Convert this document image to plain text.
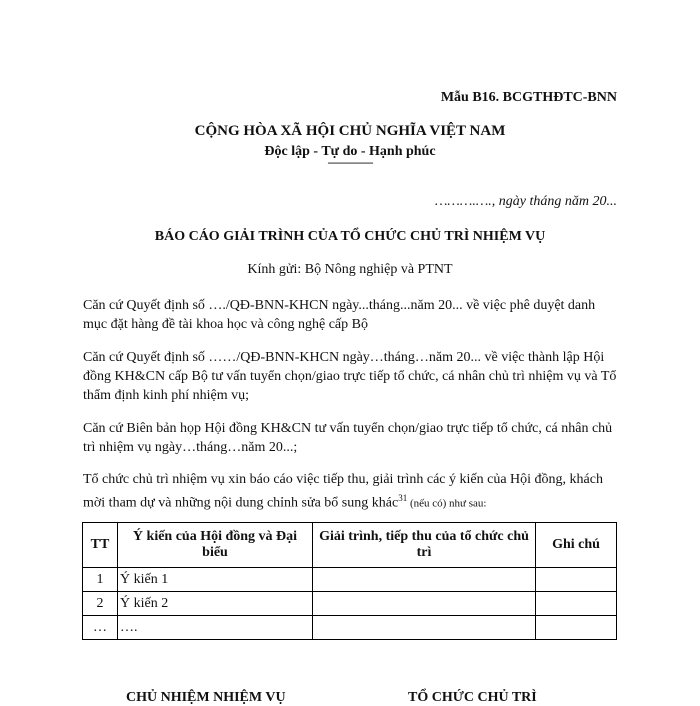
Mẫu B16. BCGTHĐTC-BNN
CỘNG HÒA XÃ HỘI CHỦ NGHĨA VIỆT NAM
Độc lập - Tự do - Hạnh phúc
---------------
……….…., ngày tháng năm 20...
BÁO CÁO GIẢI TRÌNH CỦA TỔ CHỨC CHỦ TRÌ NHIỆM VỤ
Kính gửi: Bộ Nông nghiệp và PTNT
Căn cứ Quyết định số …./QĐ-BNN-KHCN ngày...tháng...năm 20... về việc phê duyệt danh mục đặt hàng đề tài khoa học và công nghệ cấp Bộ
Căn cứ Quyết định số ……/QĐ-BNN-KHCN ngày…tháng…năm 20... về việc thành lập Hội đồng KH&CN cấp Bộ tư vấn tuyển chọn/giao trực tiếp tổ chức, cá nhân chủ trì nhiệm vụ và Tổ thẩm định kinh phí nhiệm vụ;
Căn cứ Biên bản họp Hội đồng KH&CN tư vấn tuyển chọn/giao trực tiếp tổ chức, cá nhân chủ trì nhiệm vụ ngày…tháng…năm 20...;
Tổ chức chủ trì nhiệm vụ xin báo cáo việc tiếp thu, giải trình các ý kiến của Hội đồng, khách mời tham dự và những nội dung chỉnh sửa bổ sung khác$^{31}$ (nếu có) như sau:
TT	Ý kiến của Hội đồng và Đại biểu	Giải trình, tiếp thu của tổ chức chủ trì	Ghi chú
1	Ý kiến 1		
2	Ý kiến 2		
…	….		
CHỦ NHIỆM NHIỆM VỤ	TỔ CHỨC CHỦ TRÌ
